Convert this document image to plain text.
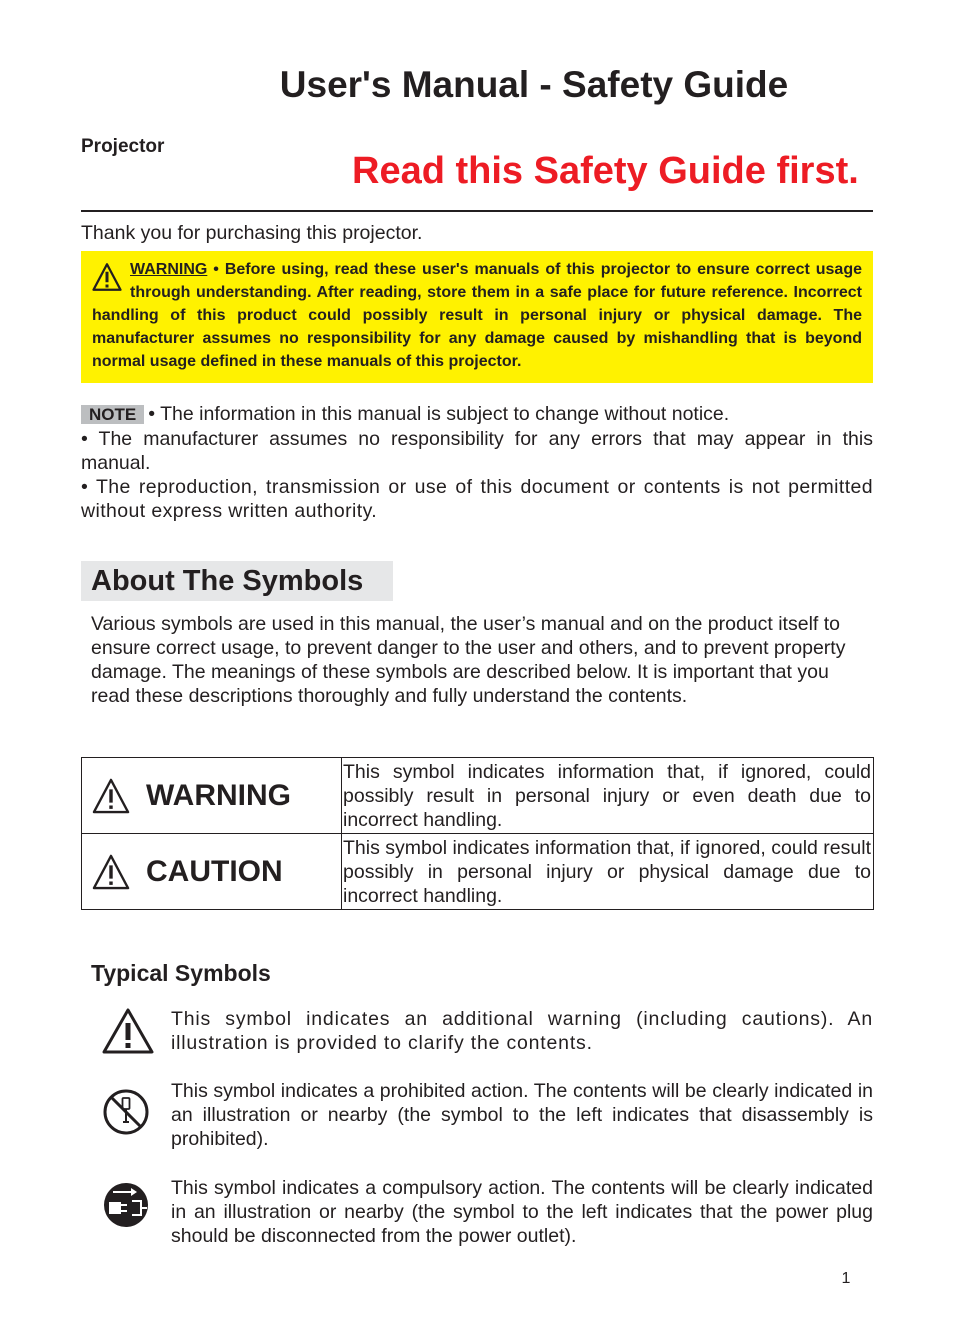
User's Manual - Safety Guide
Projector
Read this Safety Guide first.
Thank you for purchasing this projector.

WARNING • Before using, read these user's manuals of this projector to ensure correct usage through understanding. After reading, store them in a safe place for future reference. Incorrect handling of this product could possibly result in personal injury or physical damage. The manufacturer assumes no responsibility for any damage caused by mishandling that is beyond normal usage defined in these manuals of this projector.

NOTE • The information in this manual is subject to change without notice.

• The manufacturer assumes no responsibility for any errors that may appear in this manual.

• The reproduction, transmission or use of this document or contents is not permitted without express written authority.

About The Symbols
Various symbols are used in this manual, the user’s manual and on the product itself to ensure correct usage, to prevent danger to the user and others, and to prevent property damage. The meanings of these symbols are described below. It is important that you read these descriptions thoroughly and fully understand the contents.
WARNING	This symbol indicates information that, if ignored, could possibly result in personal injury or even death due to incorrect handling.

CAUTION	This symbol indicates information that, if ignored, could result possibly in personal injury or physical damage due to incorrect handling.
Typical Symbols
This symbol indicates an additional warning (including cautions). An illustration is provided to clarify the contents.
This symbol indicates a prohibited action. The contents will be clearly indicated in an illustration or nearby (the symbol to the left indicates that disassembly is prohibited).
This symbol indicates a compulsory action. The contents will be clearly indicated in an illustration or nearby (the symbol to the left indicates that the power plug should be disconnected from the power outlet).
1
